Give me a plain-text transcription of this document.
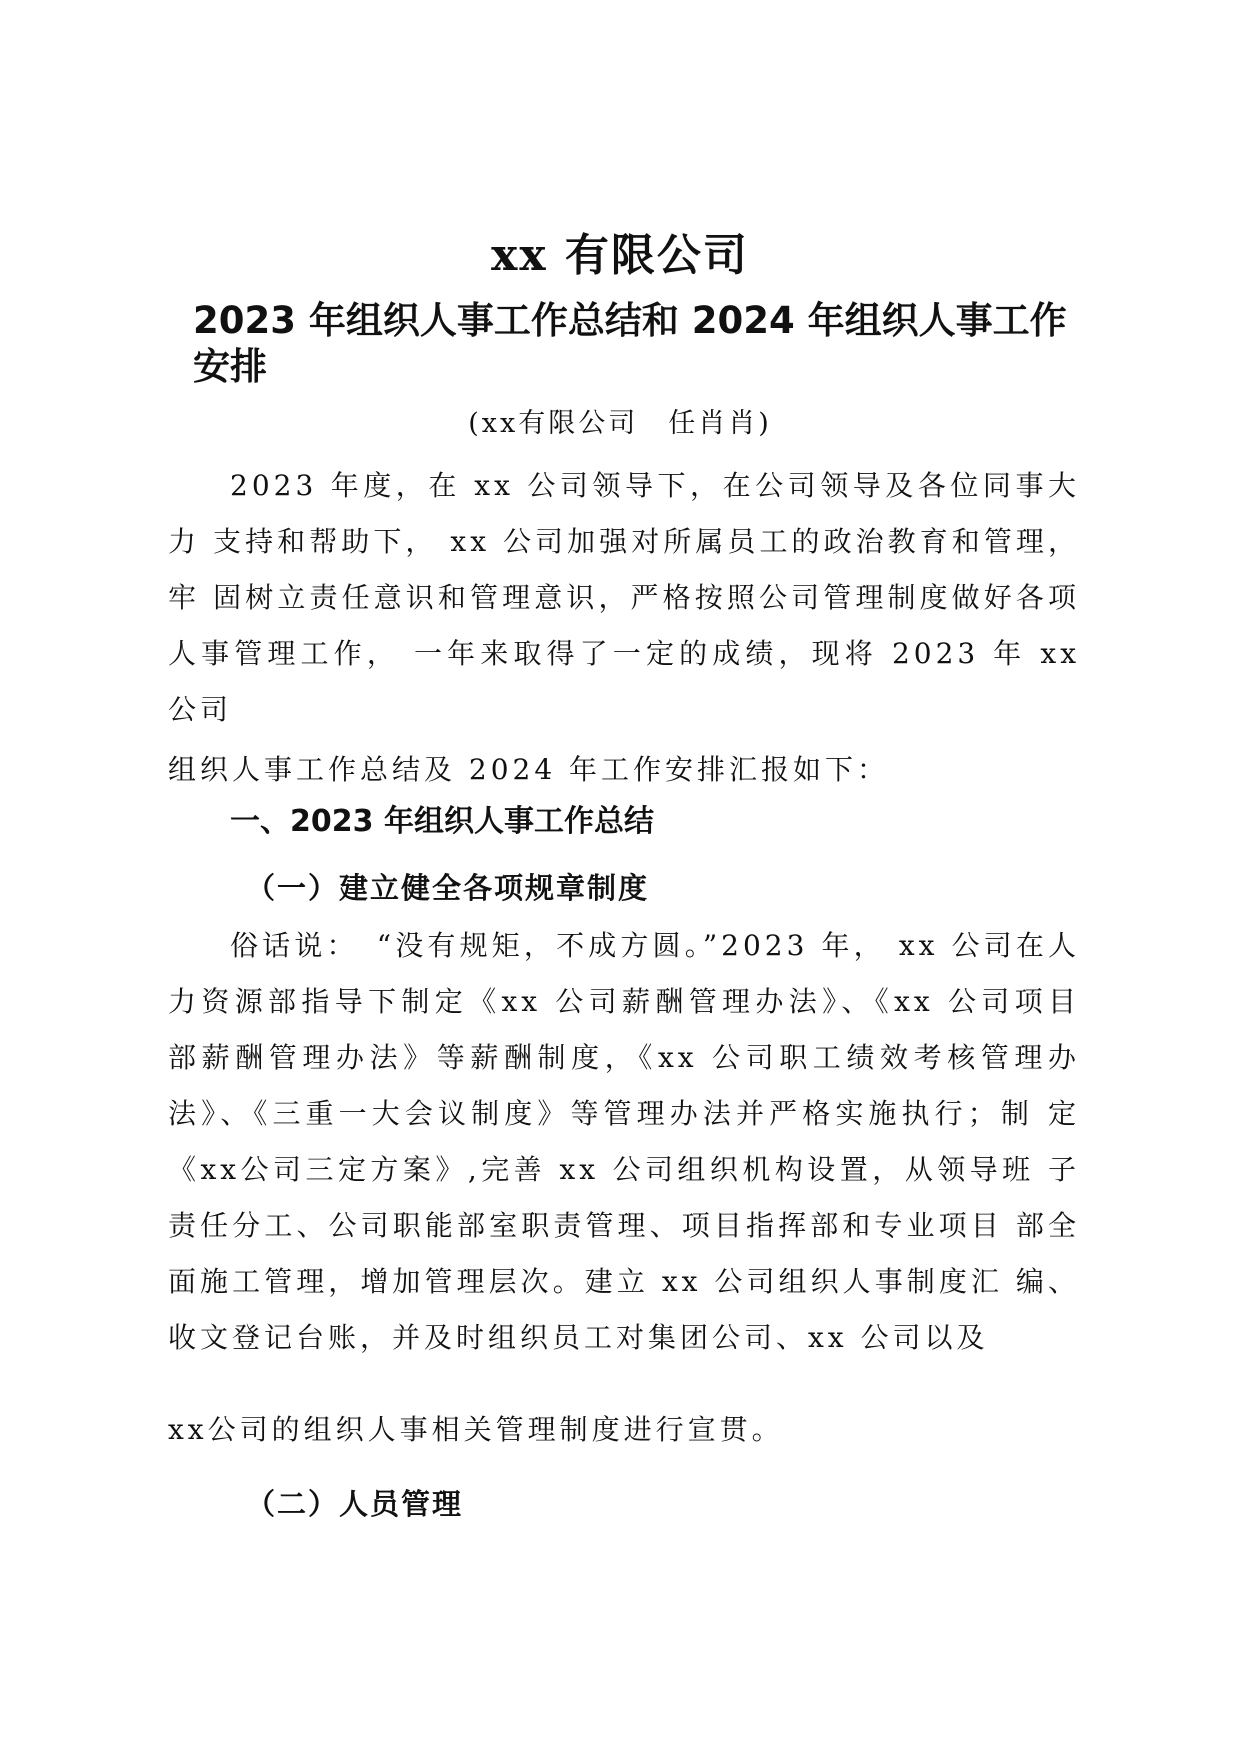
xx 有限公司
2023 年组织人事工作总结和 2024 年组织人事工作安排
(xx有限公司　任肖肖)
2023 年度，在 xx 公司领导下，在公司领导及各位同事大力 支持和帮助下， xx 公司加强对所属员工的政治教育和管理，牢 固树立责任意识和管理意识，严格按照公司管理制度做好各项 人事管理工作， 一年来取得了一定的成绩，现将 2023 年 xx 公司
组织人事工作总结及 2024 年工作安排汇报如下：
一、2023 年组织人事工作总结
（一）建立健全各项规章制度
俗话说：　“没有规矩，不成方圆。”2023 年， xx 公司在人 力资源部指导下制定《xx 公司薪酬管理办法》、《xx 公司项目 部薪酬管理办法》等薪酬制度，《xx 公司职工绩效考核管理办 法》、《三重一大会议制度》等管理办法并严格实施执行；制 定《xx公司三定方案》,完善 xx 公司组织机构设置，从领导班 子责任分工、公司职能部室职责管理、项目指挥部和专业项目 部全面施工管理，增加管理层次。建立 xx 公司组织人事制度汇 编、收文登记台账，并及时组织员工对集团公司、xx 公司以及
xx公司的组织人事相关管理制度进行宣贯。
（二）人员管理
